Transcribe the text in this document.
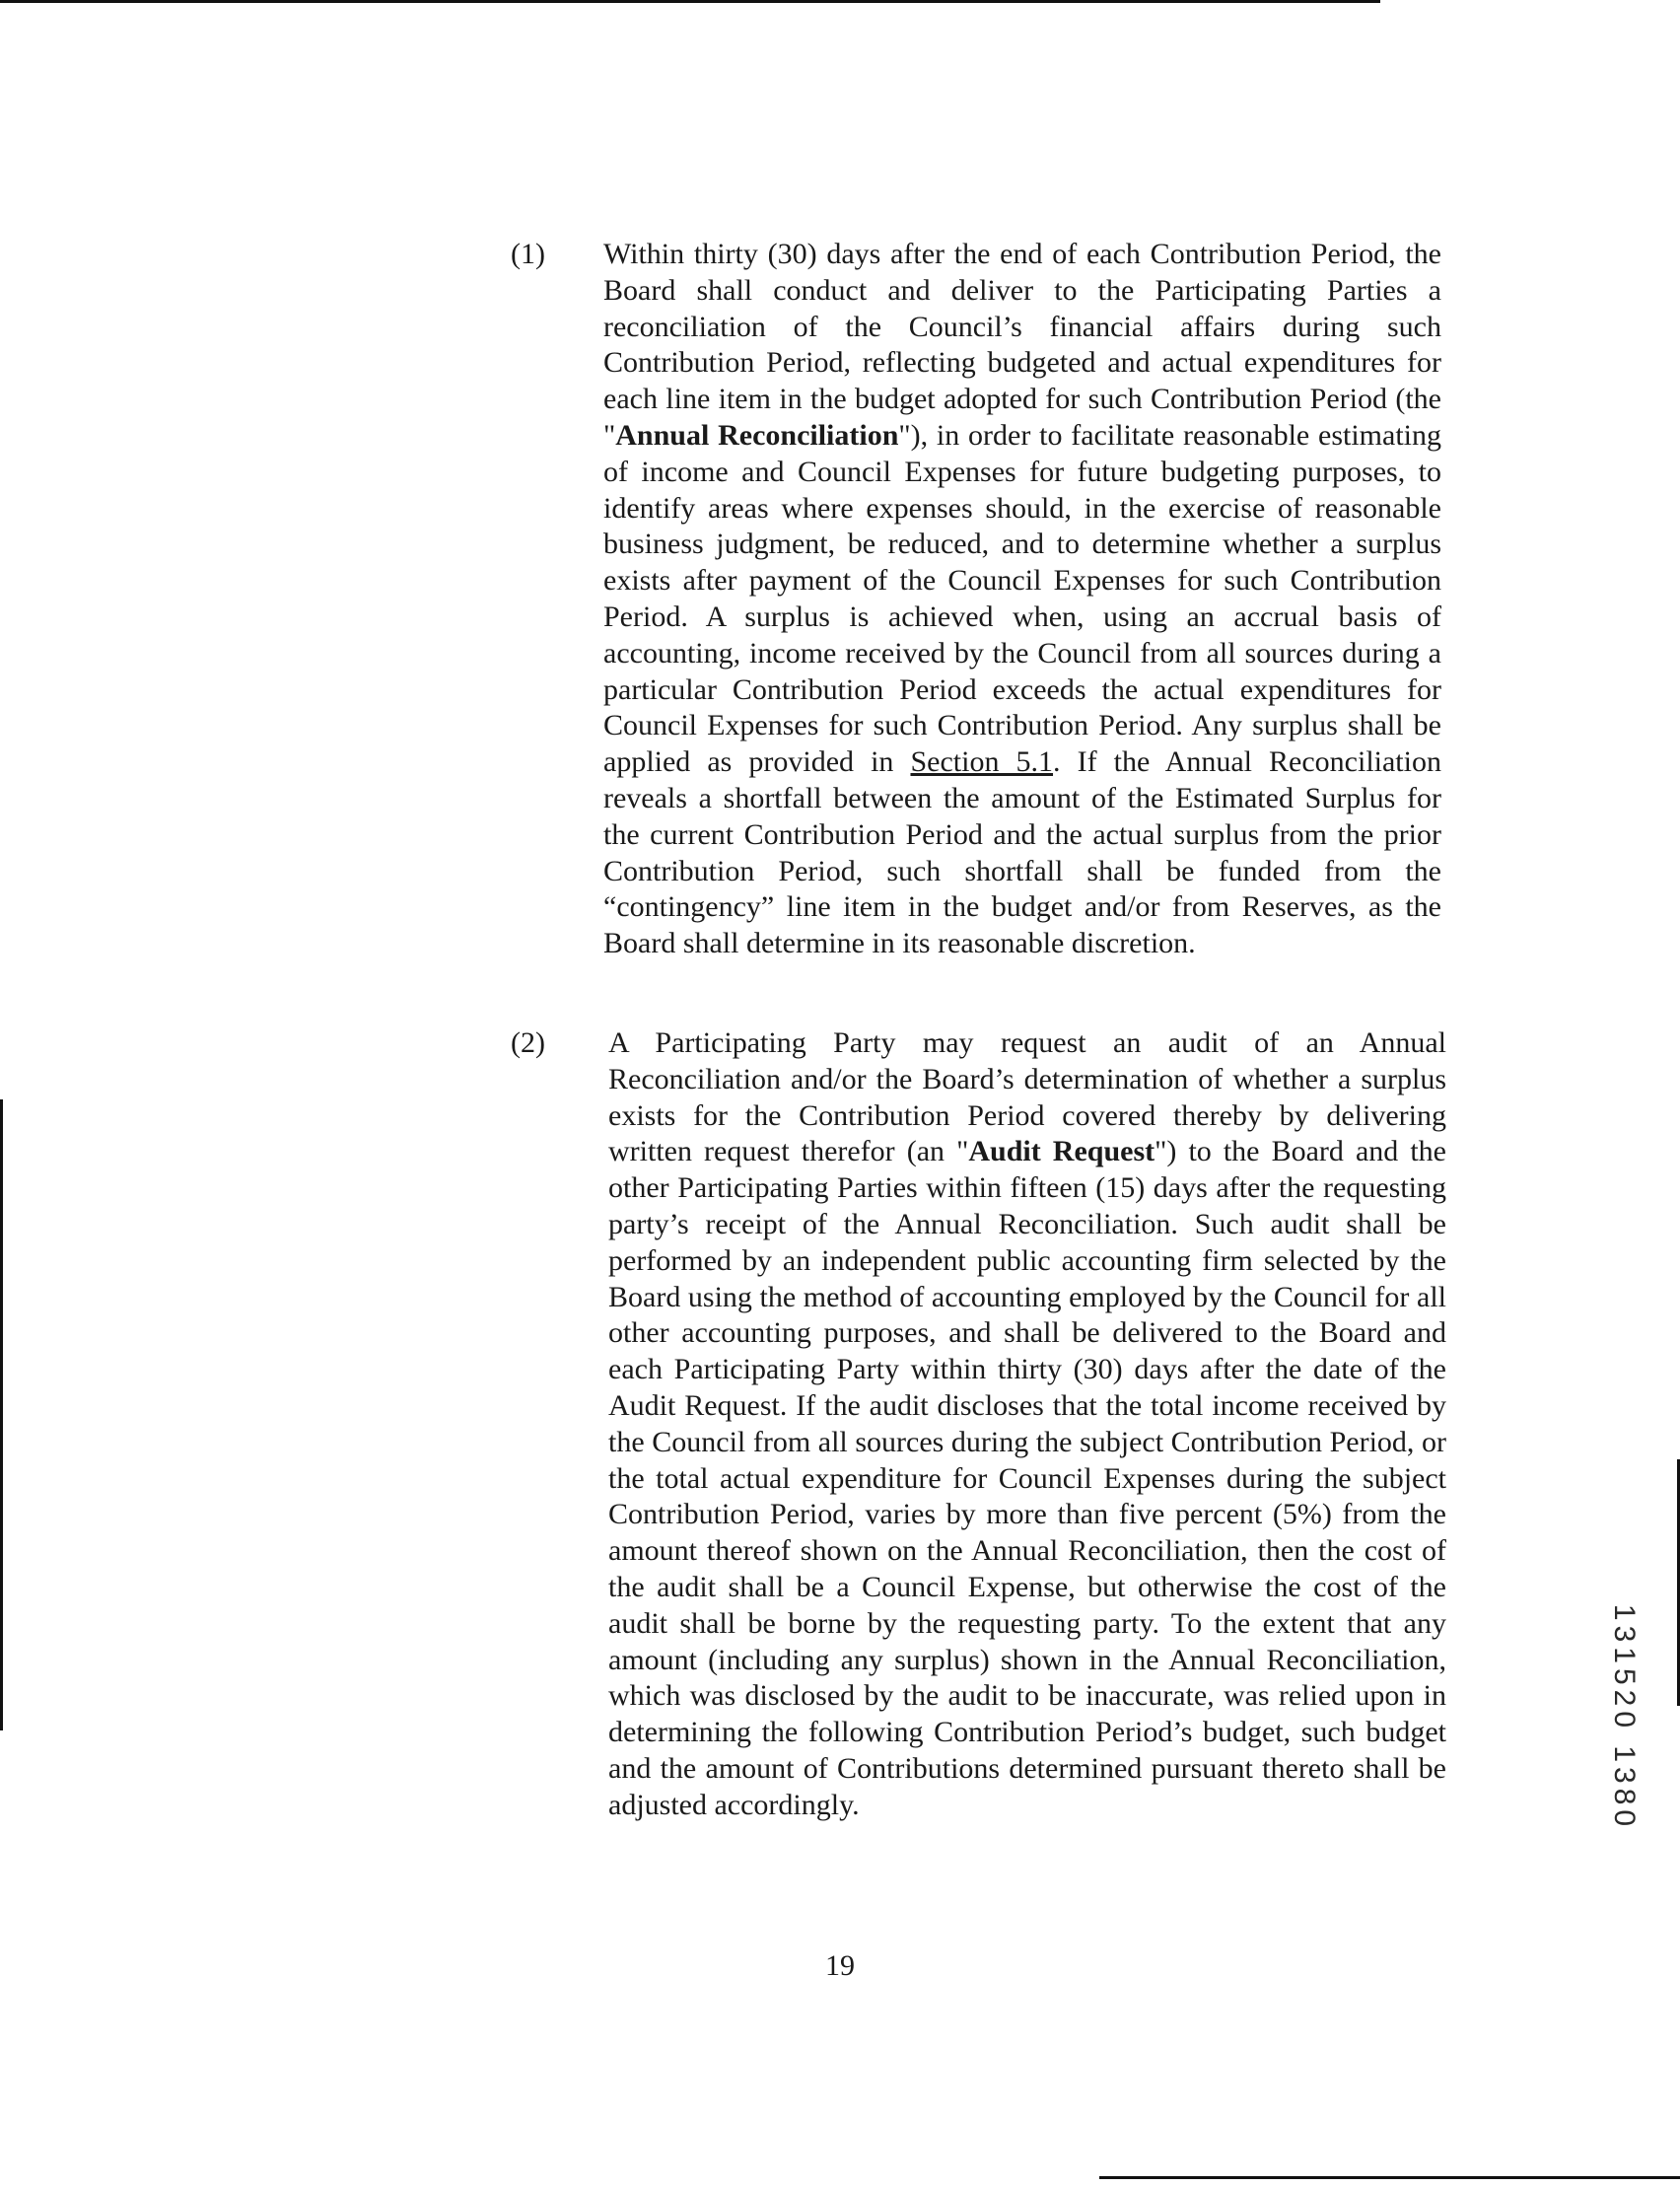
(1) Within thirty (30) days after the end of each Contribution Period, the Board shall conduct and deliver to the Participating Parties a reconciliation of the Council’s financial affairs during such Contribution Period, reflecting budgeted and actual expenditures for each line item in the budget adopted for such Contribution Period (the "Annual Reconciliation"), in order to facilitate reasonable estimating of income and Council Expenses for future budgeting purposes, to identify areas where expenses should, in the exercise of reasonable business judgment, be reduced, and to determine whether a surplus exists after payment of the Council Expenses for such Contribution Period. A surplus is achieved when, using an accrual basis of accounting, income received by the Council from all sources during a particular Contribution Period exceeds the actual expenditures for Council Expenses for such Contribution Period. Any surplus shall be applied as provided in Section 5.1. If the Annual Reconciliation reveals a shortfall between the amount of the Estimated Surplus for the current Contribution Period and the actual surplus from the prior Contribution Period, such shortfall shall be funded from the “contingency” line item in the budget and/or from Reserves, as the Board shall determine in its reasonable discretion.
(2) A Participating Party may request an audit of an Annual Reconciliation and/or the Board’s determination of whether a surplus exists for the Contribution Period covered thereby by delivering written request therefor (an "Audit Request") to the Board and the other Participating Parties within fifteen (15) days after the requesting party’s receipt of the Annual Reconciliation. Such audit shall be performed by an independent public accounting firm selected by the Board using the method of accounting employed by the Council for all other accounting purposes, and shall be delivered to the Board and each Participating Party within thirty (30) days after the date of the Audit Request. If the audit discloses that the total income received by the Council from all sources during the subject Contribution Period, or the total actual expenditure for Council Expenses during the subject Contribution Period, varies by more than five percent (5%) from the amount thereof shown on the Annual Reconciliation, then the cost of the audit shall be a Council Expense, but otherwise the cost of the audit shall be borne by the requesting party. To the extent that any amount (including any surplus) shown in the Annual Reconciliation, which was disclosed by the audit to be inaccurate, was relied upon in determining the following Contribution Period’s budget, such budget and the amount of Contributions determined pursuant thereto shall be adjusted accordingly.
19
131520 1380
